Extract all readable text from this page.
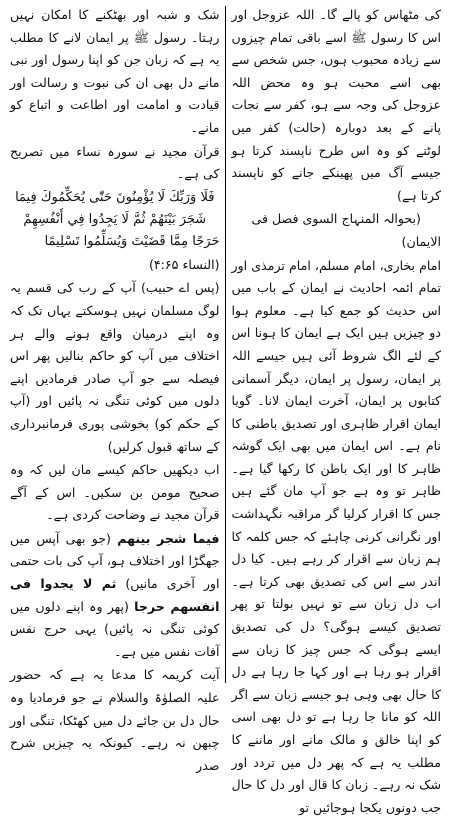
کی مٹھاس کو پالے گا۔ اللہ عزوجل اور اس کا رسول ﷺ اسے باقی تمام چیزوں سے زیادہ محبوب ہوں، جس شخص سے بھی اسے محبت ہو وہ محض اللہ عزوجل کی وجہ سے ہو، کفر سے نجات پانے کے بعد دوبارہ (حالت) کفر میں لوٹنے کو وہ اس طرح ناپسند کرتا ہو جیسے آگ میں پھینکے جانے کو ناپسند کرتا ہے)

(بحوالہ المنہاج السوی فصل فی الایمان)

امام بخاری، امام مسلم، امام ترمذی اور تمام ائمہ احادیث نے ایمان کے باب میں اس حدیث کو جمع کیا ہے۔ معلوم ہوا دو چیزیں ہیں ایک ہے ایمان کا ہونا اس کے لئے الگ شروط آئی ہیں جیسے اللہ پر ایمان، رسول پر ایمان، دیگر آسمانی کتابوں پر ایمان، آخرت ایمان لانا۔ گویا ایمان اقرار ظاہری اور تصدیق باطنی کا نام ہے۔ اس ایمان میں بھی ایک گوشہ ظاہر کا اور ایک باطن کا رکھا گیا ہے۔ ظاہر تو وہ ہے جو آپ مان گئے ہیں جس کا اقرار کرلیا گر مراقبہ نگہداشت اور نگرانی کرنی چاہئے کہ جس کلمہ کا ہم زبان سے اقرار کر رہے ہیں۔ کیا دل اندر سے اس کی تصدیق بھی کرتا ہے۔ اب دل زبان سے تو نہیں بولتا تو پھر تصدیق کیسے ہوگی؟ دل کی تصدیق ایسے ہوگی کہ جس چیز کا زبان سے اقرار ہو رہا ہے اور کہا جا رہا ہے دل کا حال بھی وہی ہو جیسے زبان سے اگر اللہ کو مانا جا رہا ہے تو دل بھی اسی کو اپنا خالق و مالک مانے اور ماننے کا مطلب یہ ہے کہ پھر دل میں تردد اور شک نہ رہے۔ زبان کا قال اور دل کا حال جب دونوں یکجا ہوجائیں تو

شک و شبہ اور بھٹکنے کا امکان نہیں رہتا۔ رسول ﷺ پر ایمان لانے کا مطلب یہ ہے کہ زبان جن کو اپنا رسول اور نبی مانے دل بھی ان کی نبوت و رسالت اور قیادت و امامت اور اطاعت و اتباع کو مانے۔

قرآن مجید نے سورہ نساء میں تصریح کی ہے۔

فَلَا وَرَبِّكَ لَا يُؤْمِنُونَ حَتّٰى يُحَكِّمُوكَ فِيمَا شَجَرَ بَيْنَهُمْ ثُمَّ لَا يَجِدُوا فِي أَنْفُسِهِمْ حَرَجًا مِمَّا قَضَيْتَ وَيُسَلِّمُوا تَسْلِيمًا

(النساء ۴:۶۵)

(پس اے حبیب) آپ کے رب کی قسم یہ لوگ مسلمان نہیں ہوسکتے یہاں تک کہ وہ اپنے درمیان واقع ہونے والے ہر اختلاف میں آپ کو حاکم بنالیں پھر اس فیصلہ سے جو آپ صادر فرمادیں اپنے دلوں میں کوئی تنگی نہ پائیں اور (آپ کے حکم کو) بخوشی پوری فرمانبرداری کے ساتھ قبول کرلیں)

اب دیکھیں حاکم کیسے مان لیں کہ وہ صحیح مومن بن سکیں۔ اس کے آگے قرآن مجید نے وضاحت کردی ہے۔

فیما شجر بینھم (جو بھی آپس میں جھگڑا اور اختلاف ہو، آپ کی بات حتمی اور آخری مانیں) ثم لا یجدوا فی انفسھم حرجا (پھر وہ اپنے دلوں میں کوئی تنگی نہ پائیں) یہی حرج نفس آفات نفس میں ہے۔

آیت کریمہ کا مدعا یہ ہے کہ حضور علیہ الصلوٰۃ والسلام نے جو فرمادیا وہ حال دل بن جائے دل میں کھٹکا، تنگی اور چبھن نہ رہے۔ کیونکہ یہ چیزیں شرح صدر
